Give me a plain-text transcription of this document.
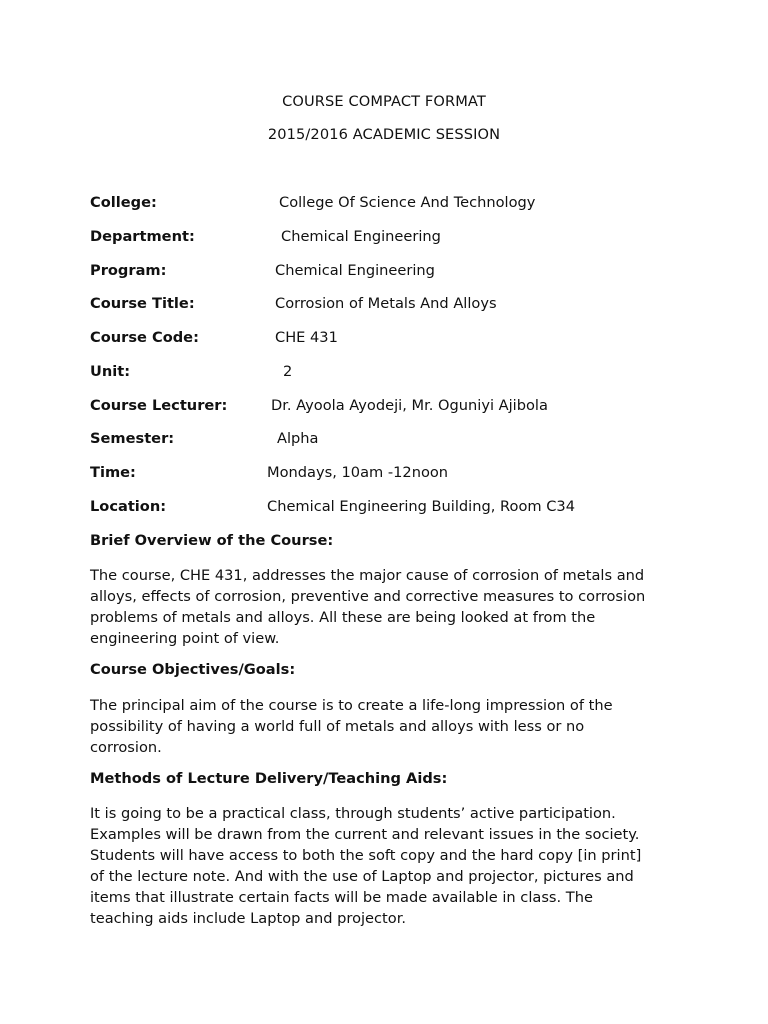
COURSE COMPACT FORMAT
2015/2016 ACADEMIC SESSION
College:	College Of Science And Technology
Department:	Chemical Engineering
Program:	Chemical Engineering
Course Title:	Corrosion of Metals And Alloys
Course Code:	CHE 431
Unit:	2
Course Lecturer:	Dr. Ayoola Ayodeji, Mr. Oguniyi Ajibola
Semester:	Alpha
Time:	Mondays, 10am -12noon
Location:	Chemical Engineering Building, Room C34
Brief Overview of the Course:
The course, CHE 431, addresses the major cause of corrosion of metals and
alloys, effects of corrosion, preventive and corrective measures to corrosion
problems of metals and alloys. All these are being looked at from the
engineering point of view.
Course Objectives/Goals:
The principal aim of the course is to create a life-long impression of the
possibility of having a world full of metals and alloys with less or no
corrosion.
Methods of Lecture Delivery/Teaching Aids:
It is going to be a practical class, through students’ active participation.
Examples will be drawn from the current and relevant issues in the society.
Students will have access to both the soft copy and the hard copy [in print]
of the lecture note. And with the use of Laptop and projector, pictures and
items that illustrate certain facts will be made available in class. The
teaching aids include Laptop and projector.
